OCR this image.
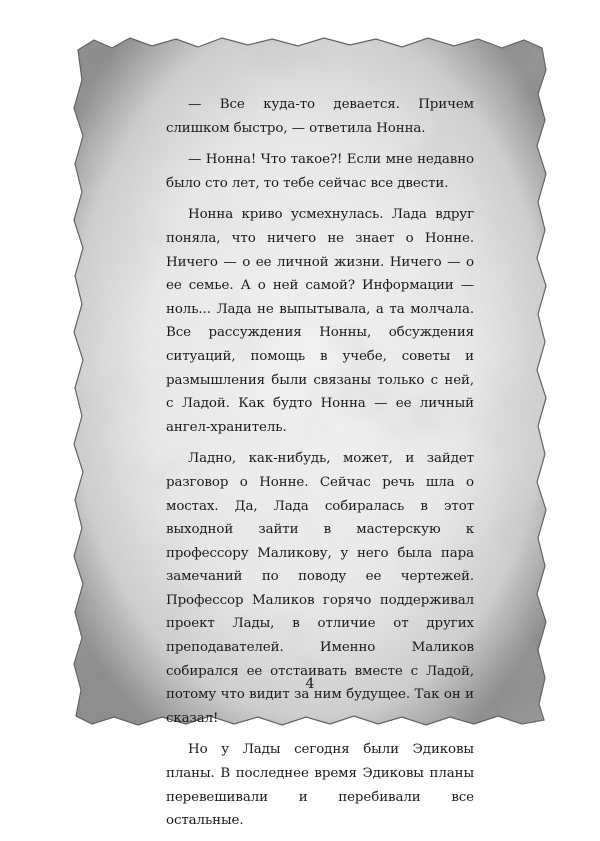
— Все куда-то девается. Причем слишком быстро, — ответила Нонна.

— Нонна! Что такое?! Если мне недавно было сто лет, то тебе сейчас все двести.

Нонна криво усмехнулась. Лада вдруг поняла, что ничего не знает о Нонне. Ничего — о ее личной жизни. Ничего — о ее семье. А о ней самой? Информации — ноль... Лада не выпытывала, а та молчала. Все рассуждения Нонны, обсуждения ситуаций, помощь в учебе, советы и размышления были связаны только с ней, с Ладой. Как будто Нонна — ее личный ангел-хранитель.

Ладно, как-нибудь, может, и зайдет разговор о Нонне. Сейчас речь шла о мостах. Да, Лада собиралась в этот выходной зайти в мастерскую к профессору Маликову, у него была пара замечаний по поводу ее чертежей. Профессор Маликов горячо поддерживал проект Лады, в отличие от других преподавателей. Именно Маликов собирался ее отстаивать вместе с Ладой, потому что видит за ним будущее. Так он и сказал!

Но у Лады сегодня были Эдиковы планы. В последнее время Эдиковы планы перевешивали и перебивали все остальные.

4
